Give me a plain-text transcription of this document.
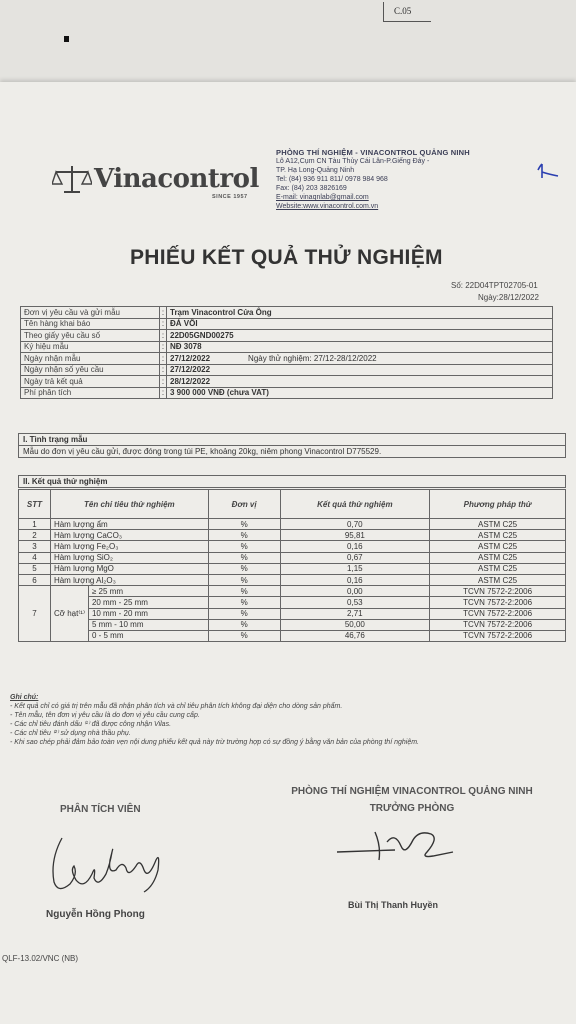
C.05
Vinacontrol
SINCE 1957
PHÒNG THÍ NGHIỆM - VINACONTROL QUẢNG NINH
Lô A12,Cụm CN Tàu Thủy Cái Lân-P.Giếng Đáy -
TP. Hạ Long-Quảng Ninh
Tel: (84) 936 911 811/ 0978 984 968
Fax: (84) 203 3826169
E-mail: vinaqnlab@gmail.com
Website:www.vinacontrol.com.vn
PHIẾU KẾT QUẢ THỬ NGHIỆM
Số: 22D04TPT02705-01
Ngày:28/12/2022
Đơn vị yêu cầu và gửi mẫu	:	Trạm Vinacontrol Cửa Ông
Tên hàng khai báo	:	ĐÁ VÔI
Theo giấy yêu cầu số	:	22D05GND00275
Ký hiệu mẫu	:	NĐ 3078
Ngày nhận mẫu	:	27/12/2022 Ngày thử nghiệm: 27/12-28/12/2022
Ngày nhận số yêu cầu	:	27/12/2022
Ngày trả kết quả	:	28/12/2022
Phí phân tích	:	3 900 000 VNĐ (chưa VAT)
I. Tình trạng mẫu
Mẫu do đơn vị yêu cầu gửi, được đóng trong túi PE, khoảng 20kg, niêm phong Vinacontrol D775529.
II. Kết quả thử nghiệm
STT	Tên chỉ tiêu thử nghiệm		Đơn vị	Kết quả thử nghiệm	Phương pháp thử
1	Hàm lượng ẩm		%	0,70	ASTM C25
2	Hàm lượng CaCO₃		%	95,81	ASTM C25
3	Hàm lượng Fe₂O₃		%	0,16	ASTM C25
4	Hàm lượng SiO₂		%	0,67	ASTM C25
5	Hàm lượng MgO		%	1,15	ASTM C25
6	Hàm lượng Al₂O₃		%	0,16	ASTM C25
7	Cỡ hạt⁽¹⁾	≥ 25 mm	%	0,00	TCVN 7572-2:2006
		20 mm - 25 mm	%	0,53	TCVN 7572-2:2006
		10 mm - 20 mm	%	2,71	TCVN 7572-2:2006
		5 mm - 10 mm	%	50,00	TCVN 7572-2:2006
		0 - 5 mm	%	46,76	TCVN 7572-2:2006
Ghi chú:
- Kết quả chỉ có giá trị trên mẫu đã nhận phân tích và chỉ tiêu phân tích không đại diện cho dòng sản phẩm.
- Tên mẫu, tên đơn vị yêu cầu là do đơn vị yêu cầu cung cấp.
- Các chỉ tiêu đánh dấu ⁽¹⁾ đã được công nhận Vilas.
- Các chỉ tiêu ⁽²⁾ sử dụng nhà thầu phụ.
- Khi sao chép phải đảm bảo toàn vẹn nội dung phiếu kết quả này trừ trường hợp có sự đồng ý bằng văn bản của phòng thí nghiệm.
PHÒNG THÍ NGHIỆM VINACONTROL QUẢNG NINH
TRƯỞNG PHÒNG
PHÂN TÍCH VIÊN
Nguyễn Hồng Phong
Bùi Thị Thanh Huyền
QLF-13.02/VNC (NB)
